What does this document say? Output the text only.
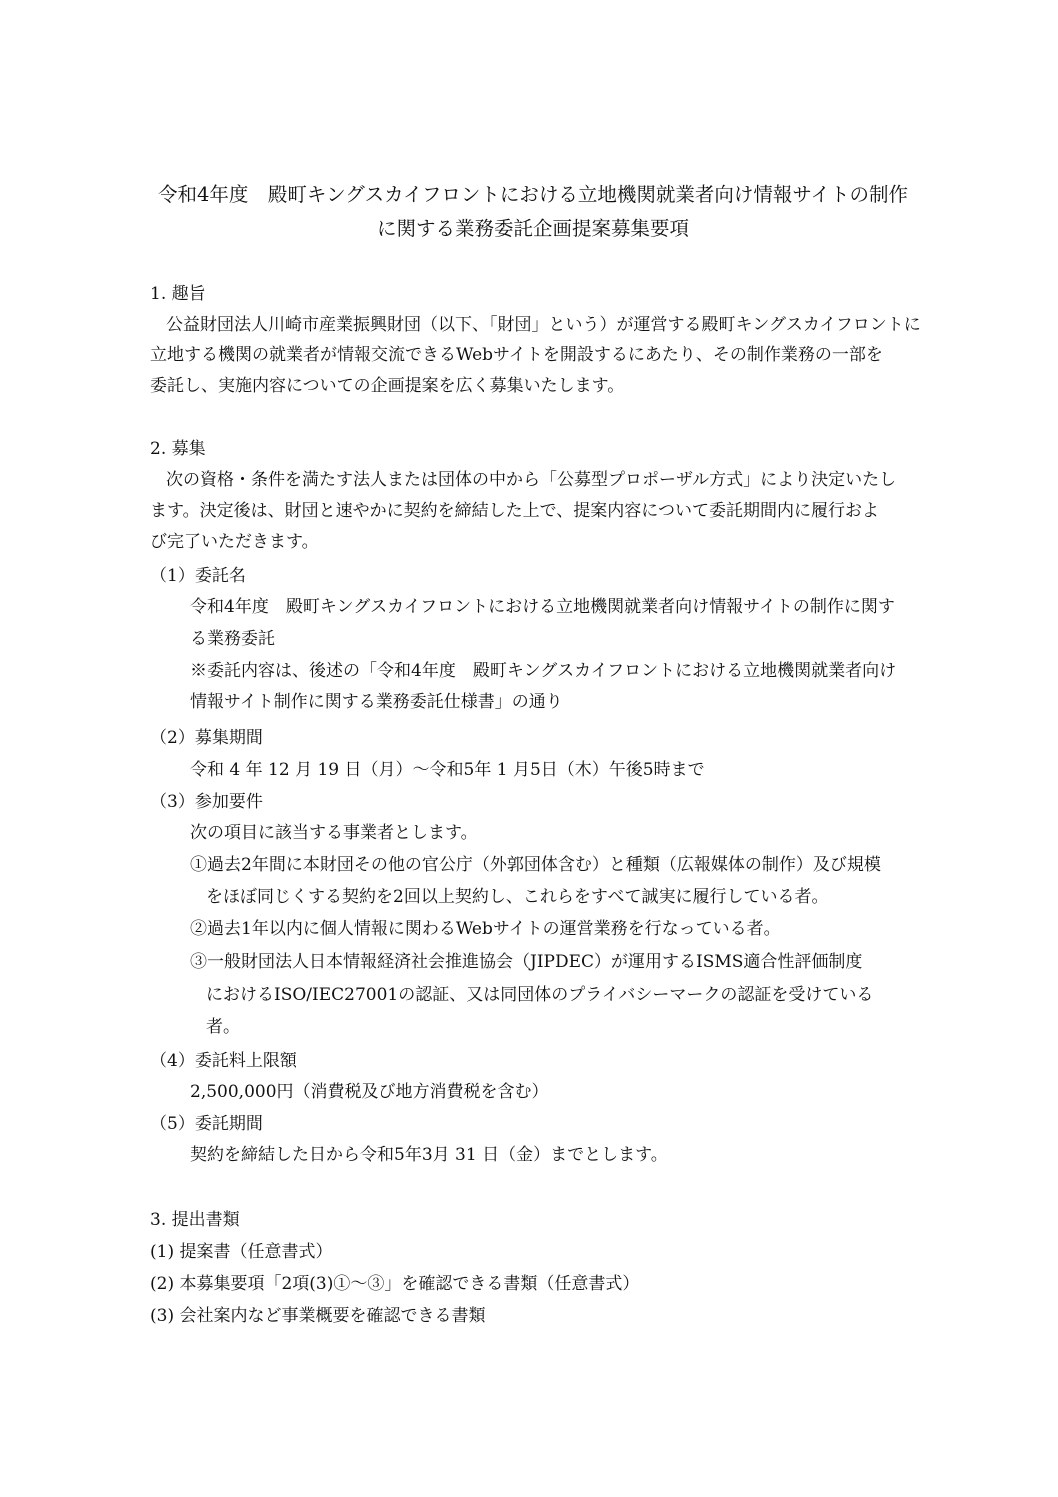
令和4年度　殿町キングスカイフロントにおける立地機関就業者向け情報サイトの制作
に関する業務委託企画提案募集要項
1. 趣旨
公益財団法人川崎市産業振興財団（以下、「財団」という）が運営する殿町キングスカイフロントに
立地する機関の就業者が情報交流できるWebサイトを開設するにあたり、その制作業務の一部を
委託し、実施内容についての企画提案を広く募集いたします。
2. 募集
次の資格・条件を満たす法人または団体の中から「公募型プロポーザル方式」により決定いたし
ます。決定後は、財団と速やかに契約を締結した上で、提案内容について委託期間内に履行およ
び完了いただきます。
（1）委託名
令和4年度　殿町キングスカイフロントにおける立地機関就業者向け情報サイトの制作に関す
る業務委託
※委託内容は、後述の「令和4年度　殿町キングスカイフロントにおける立地機関就業者向け
情報サイト制作に関する業務委託仕様書」の通り
（2）募集期間
令和 4 年 12 月 19 日（月）～令和5年 1 月5日（木）午後5時まで
（3）参加要件
次の項目に該当する事業者とします。
①過去2年間に本財団その他の官公庁（外郭団体含む）と種類（広報媒体の制作）及び規模
をほぼ同じくする契約を2回以上契約し、これらをすべて誠実に履行している者。
②過去1年以内に個人情報に関わるWebサイトの運営業務を行なっている者。
③一般財団法人日本情報経済社会推進協会（JIPDEC）が運用するISMS適合性評価制度
におけるISO/IEC27001の認証、又は同団体のプライバシーマークの認証を受けている
者。
（4）委託料上限額
2,500,000円（消費税及び地方消費税を含む）
（5）委託期間
契約を締結した日から令和5年3月 31 日（金）までとします。
3. 提出書類
(1) 提案書（任意書式）
(2) 本募集要項「2項(3)①～③」を確認できる書類（任意書式）
(3) 会社案内など事業概要を確認できる書類
